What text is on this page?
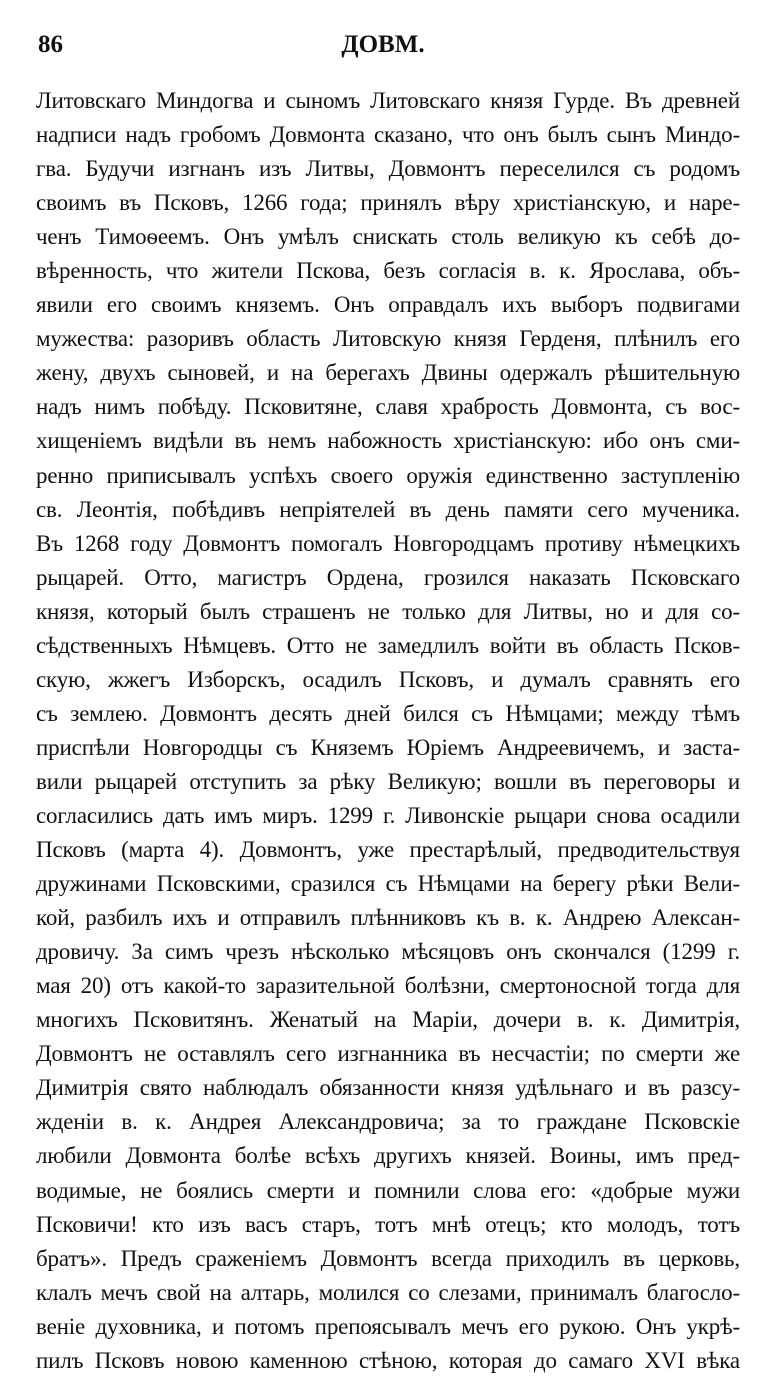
86	ДОВМ.
Литовскаго Миндогва и сыномъ Литовскаго князя Гурде. Въ древней
надписи надъ гробомъ Довмонта сказано, что онъ былъ сынъ Миндо-
гва. Будучи изгнанъ изъ Литвы, Довмонтъ переселился съ родомъ
своимъ въ Псковъ, 1266 года; принялъ вѣру христіанскую, и наре-
ченъ Тимоѳеемъ. Онъ умѣлъ снискать столь великую къ себѣ до-
вѣренность, что жители Пскова, безъ согласія в. к. Ярослава, объ-
явили его своимъ княземъ. Онъ оправдалъ ихъ выборъ подвигами
мужества: разоривъ область Литовскую князя Герденя, плѣнилъ его
жену, двухъ сыновей, и на берегахъ Двины одержалъ рѣшительную
надъ нимъ побѣду. Псковитяне, славя храбрость Довмонта, съ вос-
хищеніемъ видѣли въ немъ набожность христіанскую: ибо онъ сми-
ренно приписывалъ успѣхъ своего оружія единственно заступленію
св. Леонтія, побѣдивъ непріятелей въ день памяти сего мученика.
Въ 1268 году Довмонтъ помогалъ Новгородцамъ противу нѣмецкихъ
рыцарей. Отто, магистръ Ордена, грозился наказать Псковскаго
князя, который былъ страшенъ не только для Литвы, но и для со-
сѣдственныхъ Нѣмцевъ. Отто не замедлилъ войти въ область Псков-
скую, жжегъ Изборскъ, осадилъ Псковъ, и думалъ сравнять его
съ землею. Довмонтъ десять дней бился съ Нѣмцами; между тѣмъ
приспѣли Новгородцы съ Княземъ Юріемъ Андреевичемъ, и заста-
вили рыцарей отступить за рѣку Великую; вошли въ переговоры и
согласились дать имъ миръ. 1299 г. Ливонскіе рыцари снова осадили
Псковъ (марта 4). Довмонтъ, уже престарѣлый, предводительствуя
дружинами Псковскими, сразился съ Нѣмцами на берегу рѣки Вели-
кой, разбилъ ихъ и отправилъ плѣнниковъ къ в. к. Андрею Алексан-
дровичу. За симъ чрезъ нѣсколько мѣсяцовъ онъ скончался (1299 г.
мая 20) отъ какой-то заразительной болѣзни, смертоносной тогда для
многихъ Псковитянъ. Женатый на Маріи, дочери в. к. Димитрія,
Довмонтъ не оставлялъ сего изгнанника въ несчастіи; по смерти же
Димитрія свято наблюдалъ обязанности князя удѣльнаго и въ разсу-
жденіи в. к. Андрея Александровича; за то граждане Псковскіе
любили Довмонта болѣе всѣхъ другихъ князей. Воины, имъ пред-
водимые, не боялись смерти и помнили слова его: «добрые мужи
Псковичи! кто изъ васъ старъ, тотъ мнѣ отецъ; кто молодъ, тотъ
братъ». Предъ сраженіемъ Довмонтъ всегда приходилъ въ церковь,
клалъ мечъ свой на алтарь, молился со слезами, принималъ благосло-
веніе духовника, и потомъ препоясывалъ мечъ его рукою. Онъ укрѣ-
пилъ Псковъ новою каменною стѣною, которая до самаго XVI вѣка
